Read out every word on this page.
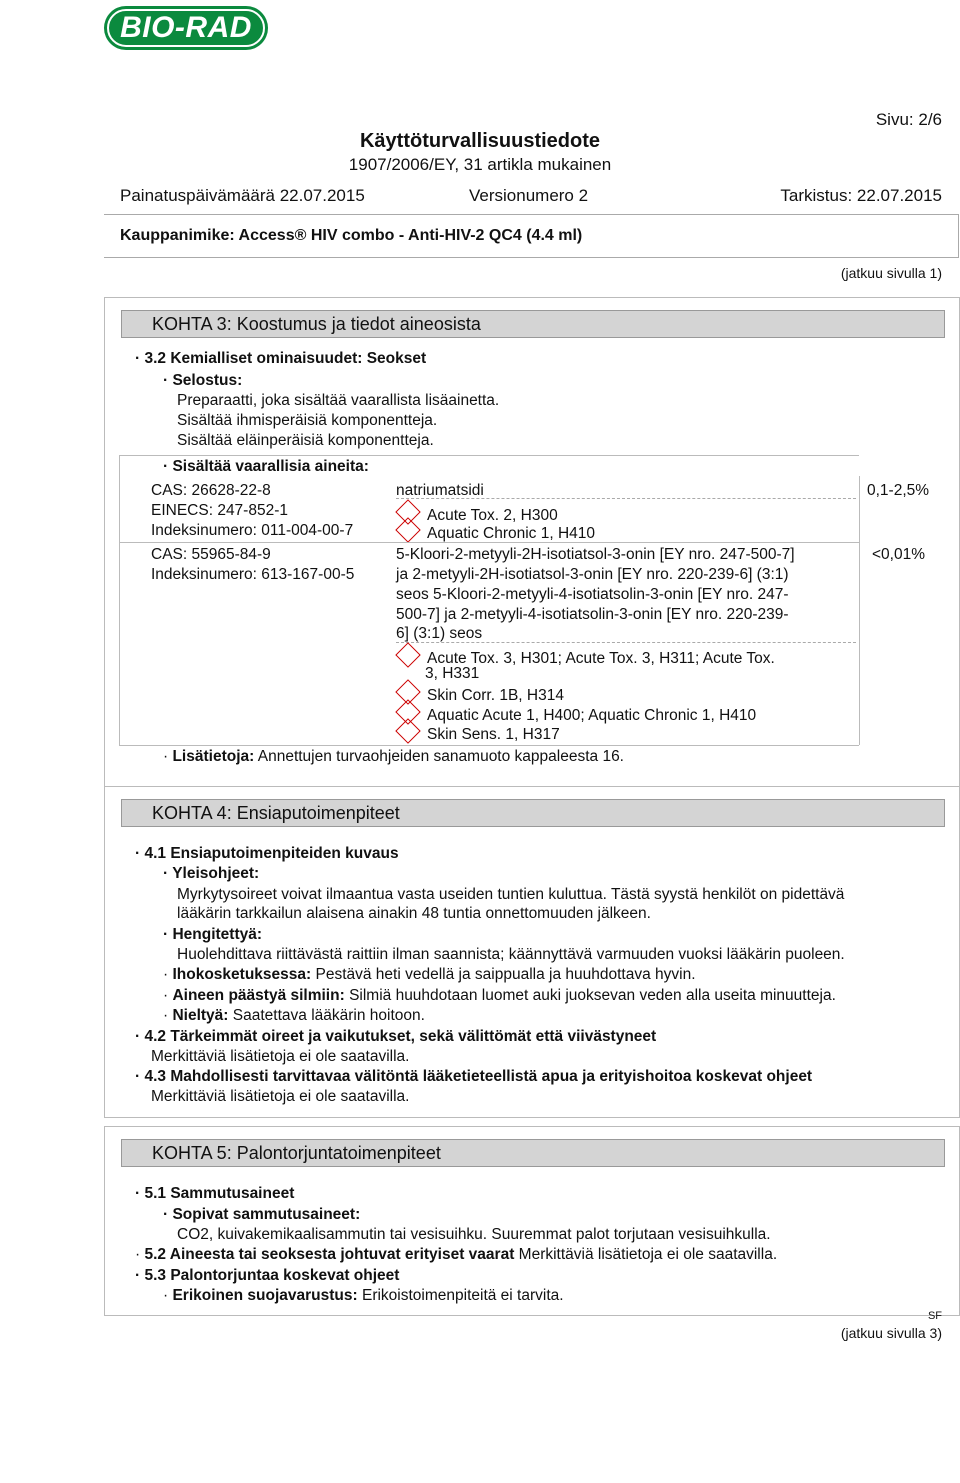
BIO-RAD
Sivu: 2/6
Käyttöturvallisuustiedote
1907/2006/EY, 31 artikla mukainen
Painatuspäivämäärä 22.07.2015	Versionumero 2	Tarkistus: 22.07.2015
Kauppanimike: Access® HIV combo - Anti-HIV-2 QC4 (4.4 ml)
(jatkuu sivulla 1)
KOHTA 3: Koostumus ja tiedot aineosista
· 3.2 Kemialliset ominaisuudet: Seokset
· Selostus:
Preparaatti, joka sisältää vaarallista lisäainetta.
Sisältää ihmisperäisiä komponentteja.
Sisältää eläinperäisiä komponentteja.
· Sisältää vaarallisia aineita:
CAS: 26628-22-8
EINECS: 247-852-1
Indeksinumero: 011-004-00-7
natriumatsidi
Acute Tox. 2, H300
Aquatic Chronic 1, H410
0,1-2,5%
CAS: 55965-84-9
Indeksinumero: 613-167-00-5
5-Kloori-2-metyyli-2H-isotiatsol-3-onin [EY nro. 247-500-7]
ja 2-metyyli-2H-isotiatsol-3-onin [EY nro. 220-239-6] (3:1)
seos 5-Kloori-2-metyyli-4-isotiatsolin-3-onin [EY nro. 247-
500-7] ja 2-metyyli-4-isotiatsolin-3-onin [EY nro. 220-239-
6] (3:1) seos
Acute Tox. 3, H301; Acute Tox. 3, H311; Acute Tox.
3, H331
Skin Corr. 1B, H314
Aquatic Acute 1, H400; Aquatic Chronic 1, H410
Skin Sens. 1, H317
<0,01%
· Lisätietoja: Annettujen turvaohjeiden sanamuoto kappaleesta 16.
KOHTA 4: Ensiaputoimenpiteet
· 4.1 Ensiaputoimenpiteiden kuvaus
· Yleisohjeet:
Myrkytysoireet voivat ilmaantua vasta useiden tuntien kuluttua. Tästä syystä henkilöt on pidettävä
lääkärin tarkkailun alaisena ainakin 48 tuntia onnettomuuden jälkeen.
· Hengitettyä:
Huolehdittava riittävästä raittiin ilman saannista; käännyttävä varmuuden vuoksi lääkärin puoleen.
· Ihokosketuksessa: Pestävä heti vedellä ja saippualla ja huuhdottava hyvin.
· Aineen päästyä silmiin: Silmiä huuhdotaan luomet auki juoksevan veden alla useita minuutteja.
· Nieltyä: Saatettava lääkärin hoitoon.
· 4.2 Tärkeimmät oireet ja vaikutukset, sekä välittömät että viivästyneet
Merkittäviä lisätietoja ei ole saatavilla.
· 4.3 Mahdollisesti tarvittavaa välitöntä lääketieteellistä apua ja erityishoitoa koskevat ohjeet
Merkittäviä lisätietoja ei ole saatavilla.
KOHTA 5: Palontorjuntatoimenpiteet
· 5.1 Sammutusaineet
· Sopivat sammutusaineet:
CO2, kuivakemikaalisammutin tai vesisuihku. Suuremmat palot torjutaan vesisuihkulla.
· 5.2 Aineesta tai seoksesta johtuvat erityiset vaarat Merkittäviä lisätietoja ei ole saatavilla.
· 5.3 Palontorjuntaa koskevat ohjeet
· Erikoinen suojavarustus: Erikoistoimenpiteitä ei tarvita.
SF
(jatkuu sivulla 3)
